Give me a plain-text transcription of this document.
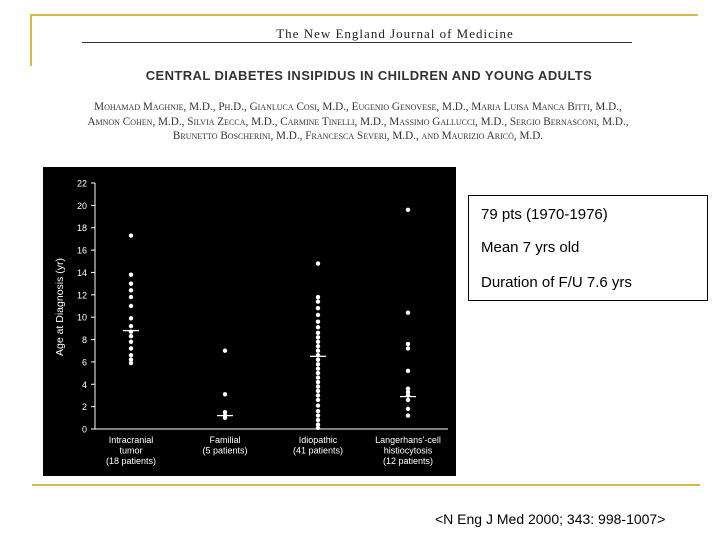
The New England Journal of Medicine
CENTRAL DIABETES INSIPIDUS IN CHILDREN AND YOUNG ADULTS
Mohamad Maghnie, M.D., Ph.D., Gianluca Cosi, M.D., Eugenio Genovese, M.D., Maria Luisa Manca Bitti, M.D.,
Amnon Cohen, M.D., Silvia Zecca, M.D., Carmine Tinelli, M.D., Massimo Gallucci, M.D., Sergio Bernasconi, M.D.,
Brunetto Boscherini, M.D., Francesca Severi, M.D., and Maurizio Aricò, M.D.
0
2
4
6
8
10
12
14
16
18
20
22
Intracranial
tumor
(18 patients)
Familial
(5 patients)
Idiopathic
(41 patients)
Langerhans'-cell
histiocytosis
(12 patients)
Age at Diagnosis (yr)
79 pts (1970-1976)
Mean 7 yrs old
Duration of F/U 7.6 yrs
<N Eng J Med 2000; 343: 998-1007>
